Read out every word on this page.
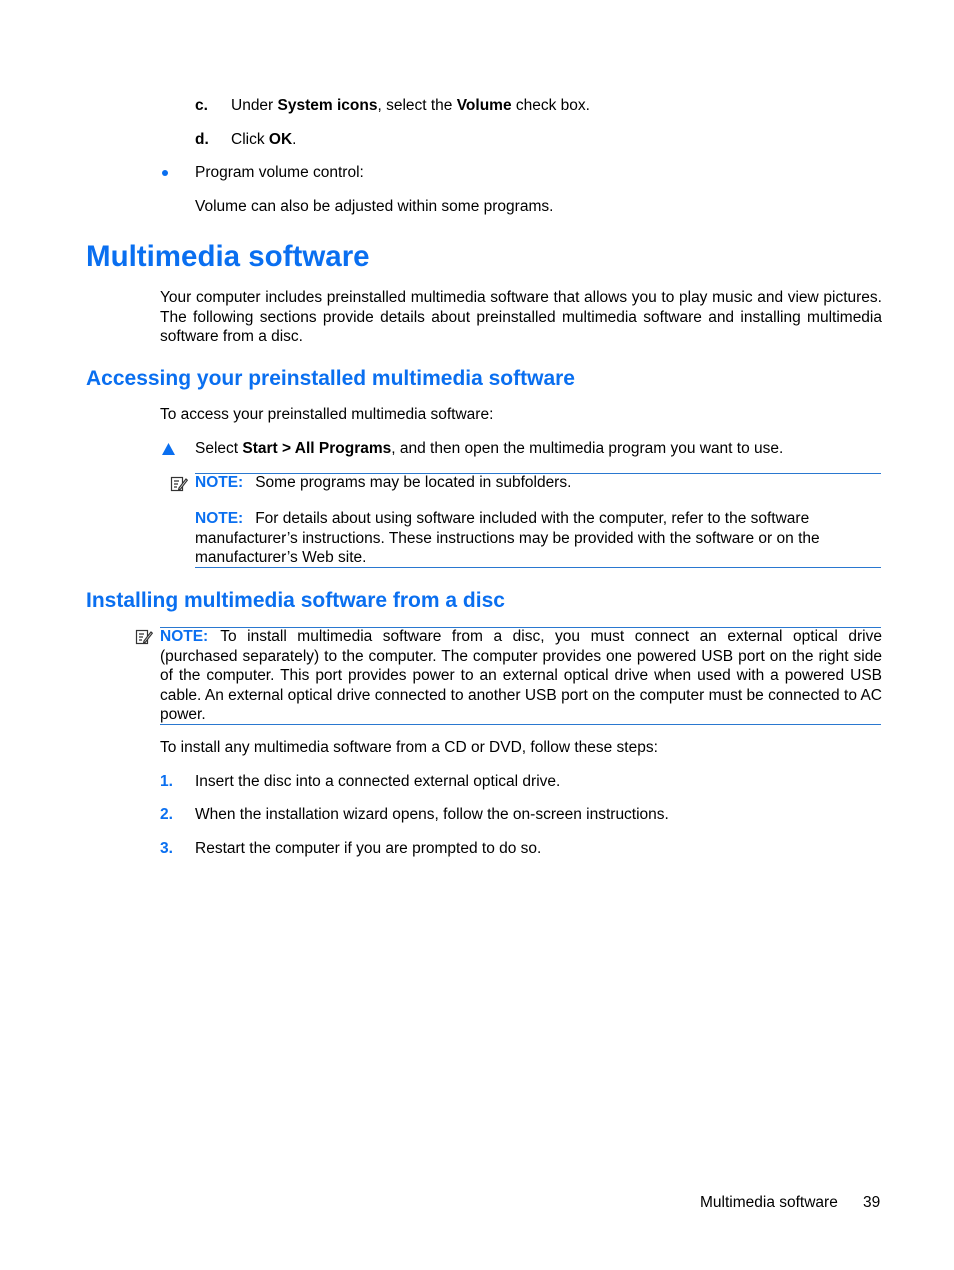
c. Under System icons, select the Volume check box.
d. Click OK.
Program volume control:
Volume can also be adjusted within some programs.
Multimedia software
Your computer includes preinstalled multimedia software that allows you to play music and view pictures. The following sections provide details about preinstalled multimedia software and installing multimedia software from a disc.
Accessing your preinstalled multimedia software
To access your preinstalled multimedia software:
Select Start > All Programs, and then open the multimedia program you want to use.
NOTE: Some programs may be located in subfolders.
NOTE: For details about using software included with the computer, refer to the software manufacturer’s instructions. These instructions may be provided with the software or on the manufacturer’s Web site.
Installing multimedia software from a disc
NOTE: To install multimedia software from a disc, you must connect an external optical drive (purchased separately) to the computer. The computer provides one powered USB port on the right side of the computer. This port provides power to an external optical drive when used with a powered USB cable. An external optical drive connected to another USB port on the computer must be connected to AC power.
To install any multimedia software from a CD or DVD, follow these steps:
1. Insert the disc into a connected external optical drive.
2. When the installation wizard opens, follow the on-screen instructions.
3. Restart the computer if you are prompted to do so.
Multimedia software 39
